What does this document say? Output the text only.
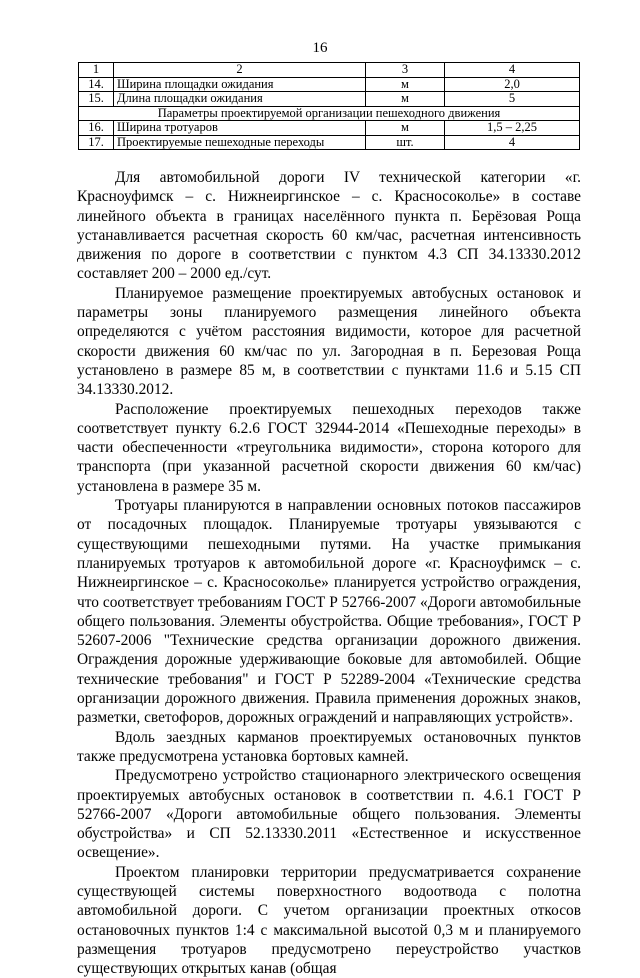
16
1	2	3	4
14.	Ширина площадки ожидания	м	2,0
15.	Длина площадки ожидания	м	5
Параметры проектируемой организации пешеходного движения			
16.	Ширина тротуаров	м	1,5 – 2,25
17.	Проектируемые пешеходные переходы	шт.	4

Для автомобильной дороги IV технической категории «г. Красноуфимск – с. Нижнеиргинское – с. Красносоколье» в составе линейного объекта в границах населённого пункта п. Берёзовая Роща устанавливается расчетная скорость 60 км/час, расчетная интенсивность движения по дороге в соответствии с пунктом 4.3 СП 34.13330.2012 составляет 200 – 2000 ед./сут.

Планируемое размещение проектируемых автобусных остановок и параметры зоны планируемого размещения линейного объекта определяются с учётом расстояния видимости, которое для расчетной скорости движения 60 км/час по ул. Загородная в п. Березовая Роща установлено в размере 85 м, в соответствии с пунктами 11.6 и 5.15 СП 34.13330.2012.

Расположение проектируемых пешеходных переходов также соответствует пункту 6.2.6 ГОСТ 32944-2014 «Пешеходные переходы» в части обеспеченности «треугольника видимости», сторона которого для транспорта (при указанной расчетной скорости движения 60 км/час) установлена в размере 35 м.

Тротуары планируются в направлении основных потоков пассажиров от посадочных площадок. Планируемые тротуары увязываются с существующими пешеходными путями. На участке примыкания планируемых тротуаров к автомобильной дороге «г. Красноуфимск – с. Нижнеиргинское – с. Красносоколье» планируется устройство ограждения, что соответствует требованиям ГОСТ Р 52766-2007 «Дороги автомобильные общего пользования. Элементы обустройства. Общие требования», ГОСТ Р 52607-2006 "Технические средства организации дорожного движения. Ограждения дорожные удерживающие боковые для автомобилей. Общие технические требования" и ГОСТ Р 52289-2004 «Технические средства организации дорожного движения. Правила применения дорожных знаков, разметки, светофоров, дорожных ограждений и направляющих устройств».

Вдоль заездных карманов проектируемых остановочных пунктов также предусмотрена установка бортовых камней.

Предусмотрено устройство стационарного электрического освещения проектируемых автобусных остановок в соответствии п. 4.6.1 ГОСТ Р 52766-2007 «Дороги автомобильные общего пользования. Элементы обустройства» и СП 52.13330.2011 «Естественное и искусственное освещение».

Проектом планировки территории предусматривается сохранение существующей системы поверхностного водоотвода с полотна автомобильной дороги. С учетом организации проектных откосов остановочных пунктов 1:4 с максимальной высотой 0,3 м и планируемого размещения тротуаров предусмотрено переустройство участков существующих открытых канав (общая
